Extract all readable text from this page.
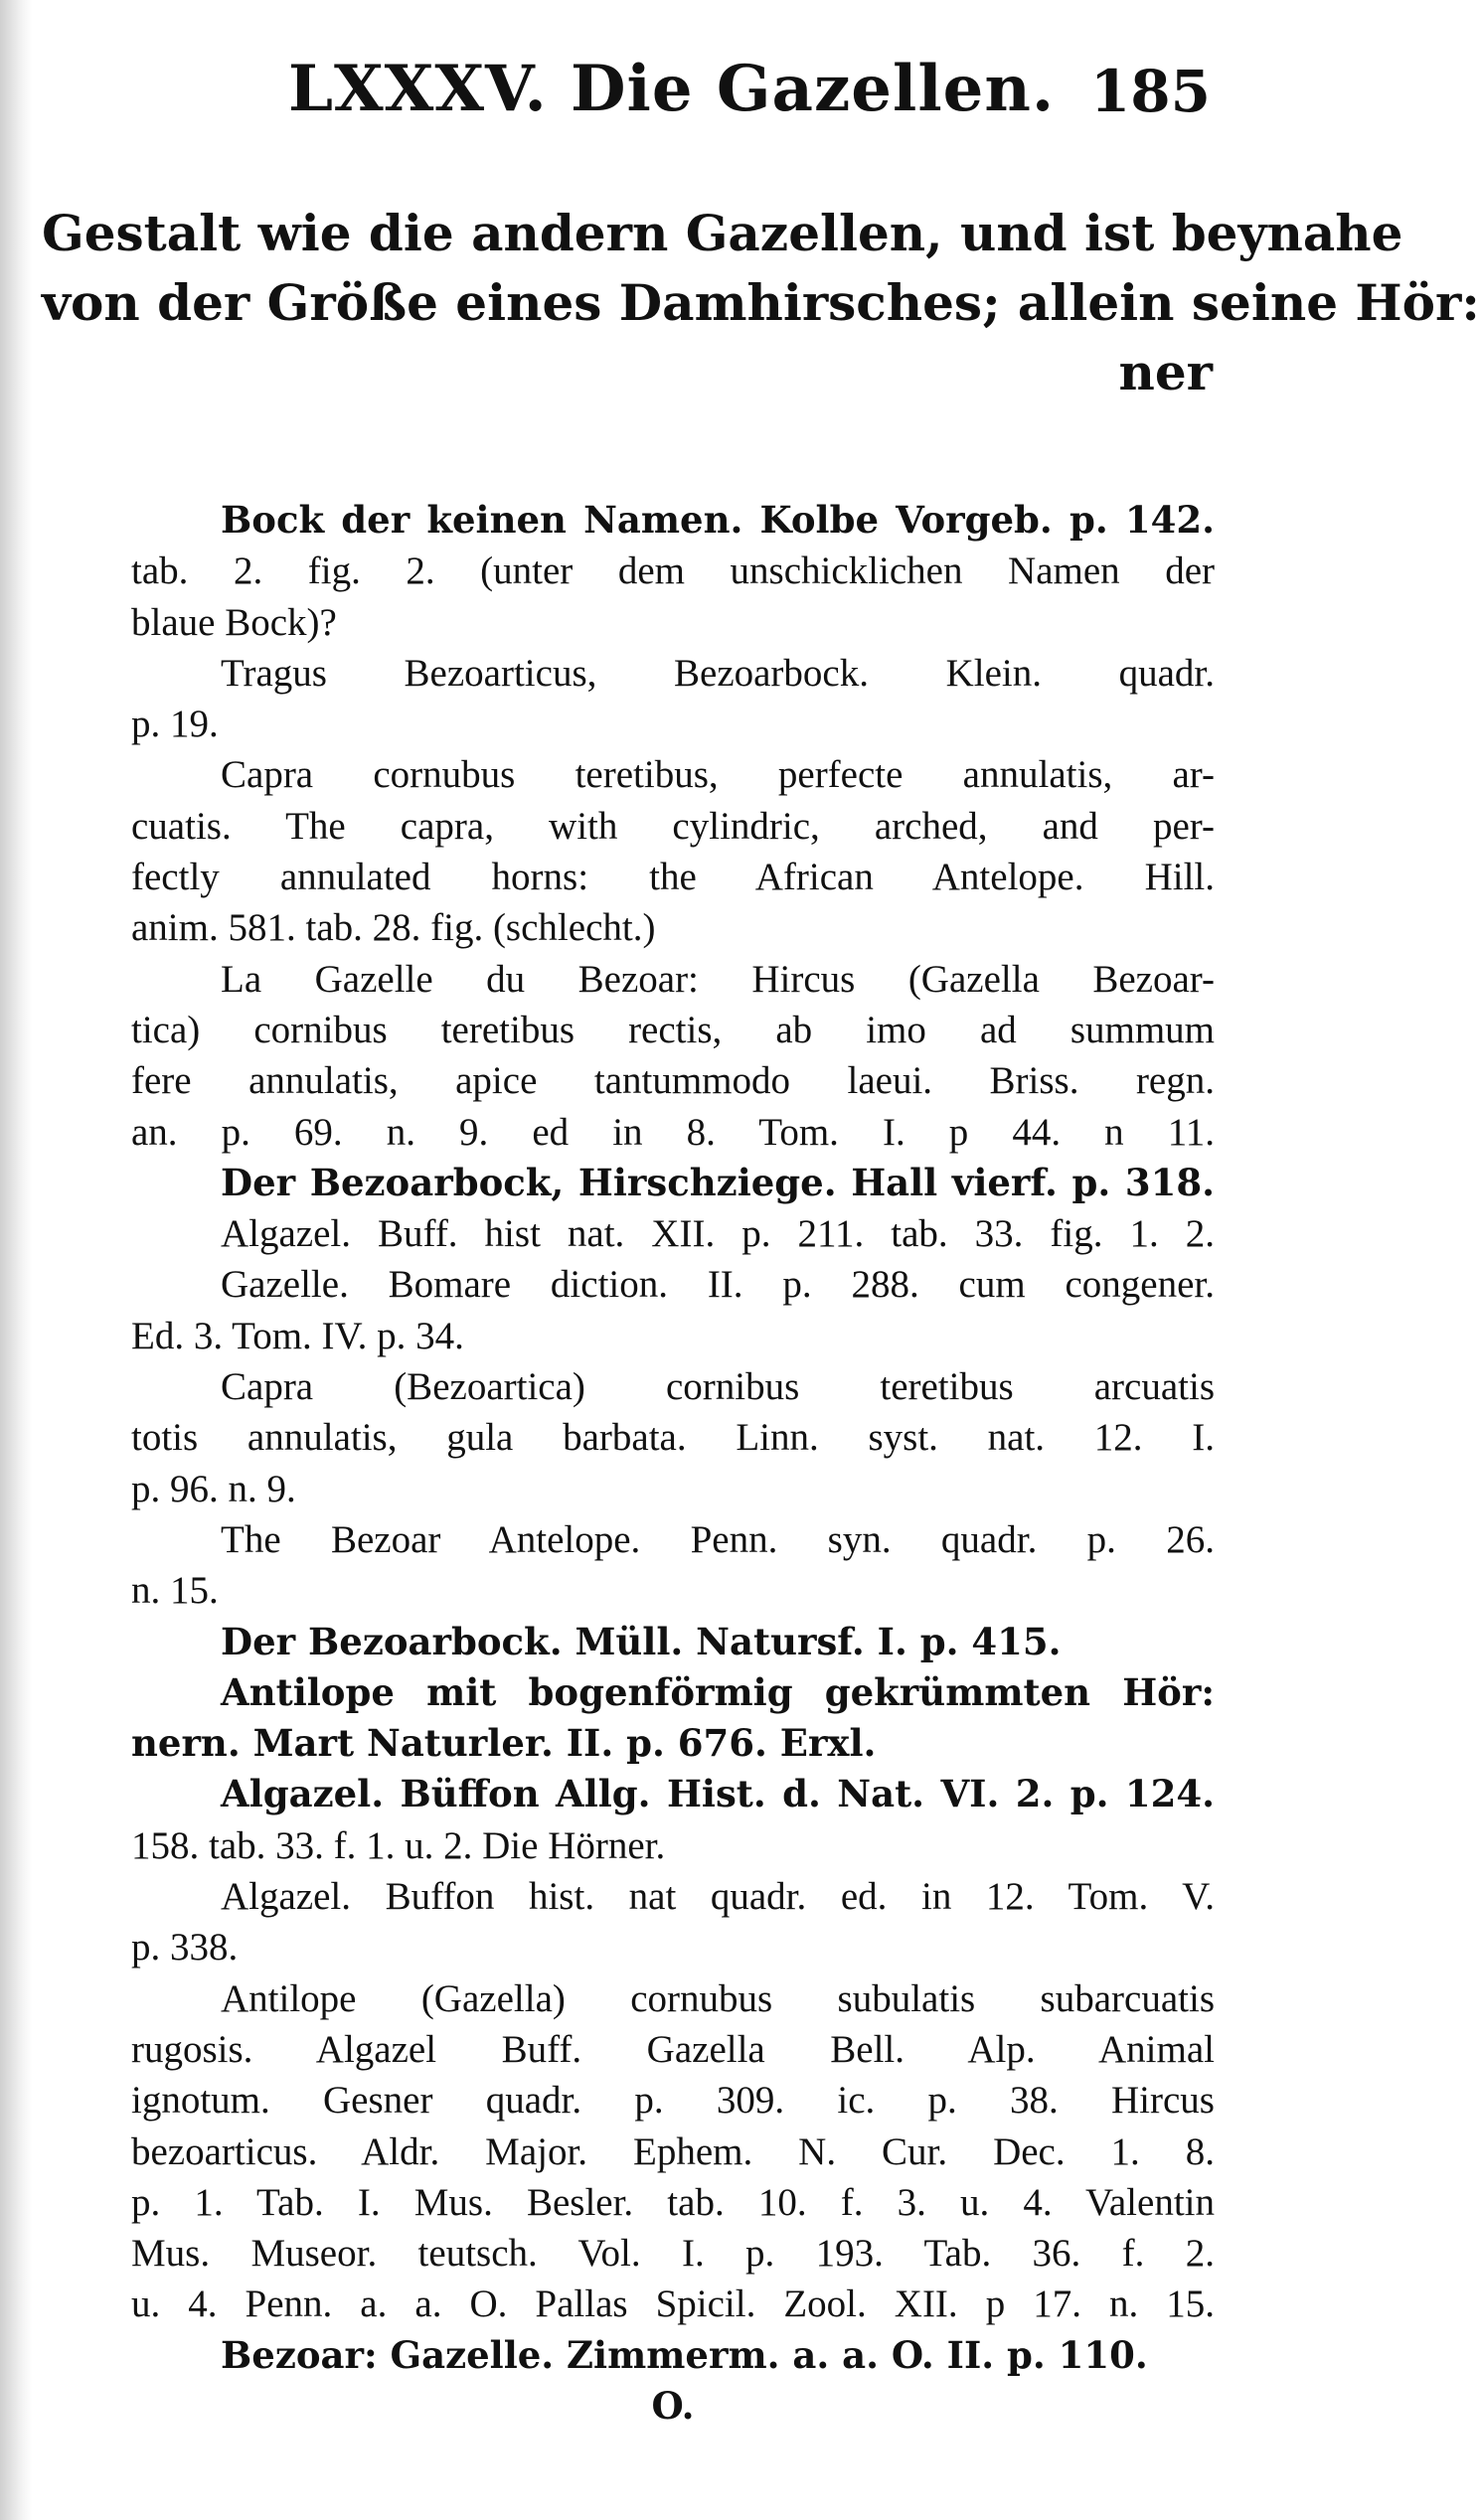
LXXXV. Die Gazellen. 185
Gestalt wie die andern Gazellen, und ist beynahe
von der Größe eines Damhirsches; allein seine Hör:
ner
Bock der keinen Namen. Kolbe Vorgeb. p. 142.
tab. 2. fig. 2. (unter dem unschicklichen Namen der
blaue Bock)?
Tragus Bezoarticus, Bezoarbock. Klein. quadr.
p. 19.
Capra cornubus teretibus, perfecte annulatis, ar-
cuatis. The capra, with cylindric, arched, and per-
fectly annulated horns: the African Antelope. Hill.
anim. 581. tab. 28. fig. (schlecht.)
La Gazelle du Bezoar: Hircus (Gazella Bezoar-
tica) cornibus teretibus rectis, ab imo ad summum
fere annulatis, apice tantummodo laeui. Briss. regn.
an. p. 69. n. 9. ed in 8. Tom. I. p 44. n 11.
Der Bezoarbock, Hirschziege. Hall vierf. p. 318.
Algazel. Buff. hist nat. XII. p. 211. tab. 33. fig. 1. 2.
Gazelle. Bomare diction. II. p. 288. cum congener.
Ed. 3. Tom. IV. p. 34.
Capra (Bezoartica) cornibus teretibus arcuatis
totis annulatis, gula barbata. Linn. syst. nat. 12. I.
p. 96. n. 9.
The Bezoar Antelope. Penn. syn. quadr. p. 26.
n. 15.
Der Bezoarbock. Müll. Natursf. I. p. 415.
Antilope mit bogenförmig gekrümmten Hör:
nern. Mart Naturler. II. p. 676. Erxl.
Algazel. Büffon Allg. Hist. d. Nat. VI. 2. p. 124.
158. tab. 33. f. 1. u. 2. Die Hörner.
Algazel. Buffon hist. nat quadr. ed. in 12. Tom. V.
p. 338.
Antilope (Gazella) cornubus subulatis subarcuatis
rugosis. Algazel Buff. Gazella Bell. Alp. Animal
ignotum. Gesner quadr. p. 309. ic. p. 38. Hircus
bezoarticus. Aldr. Major. Ephem. N. Cur. Dec. 1. 8.
p. 1. Tab. I. Mus. Besler. tab. 10. f. 3. u. 4. Valentin
Mus. Museor. teutsch. Vol. I. p. 193. Tab. 36. f. 2.
u. 4. Penn. a. a. O. Pallas Spicil. Zool. XII. p 17. n. 15.
Bezoar: Gazelle. Zimmerm. a. a. O. II. p. 110.
O.
